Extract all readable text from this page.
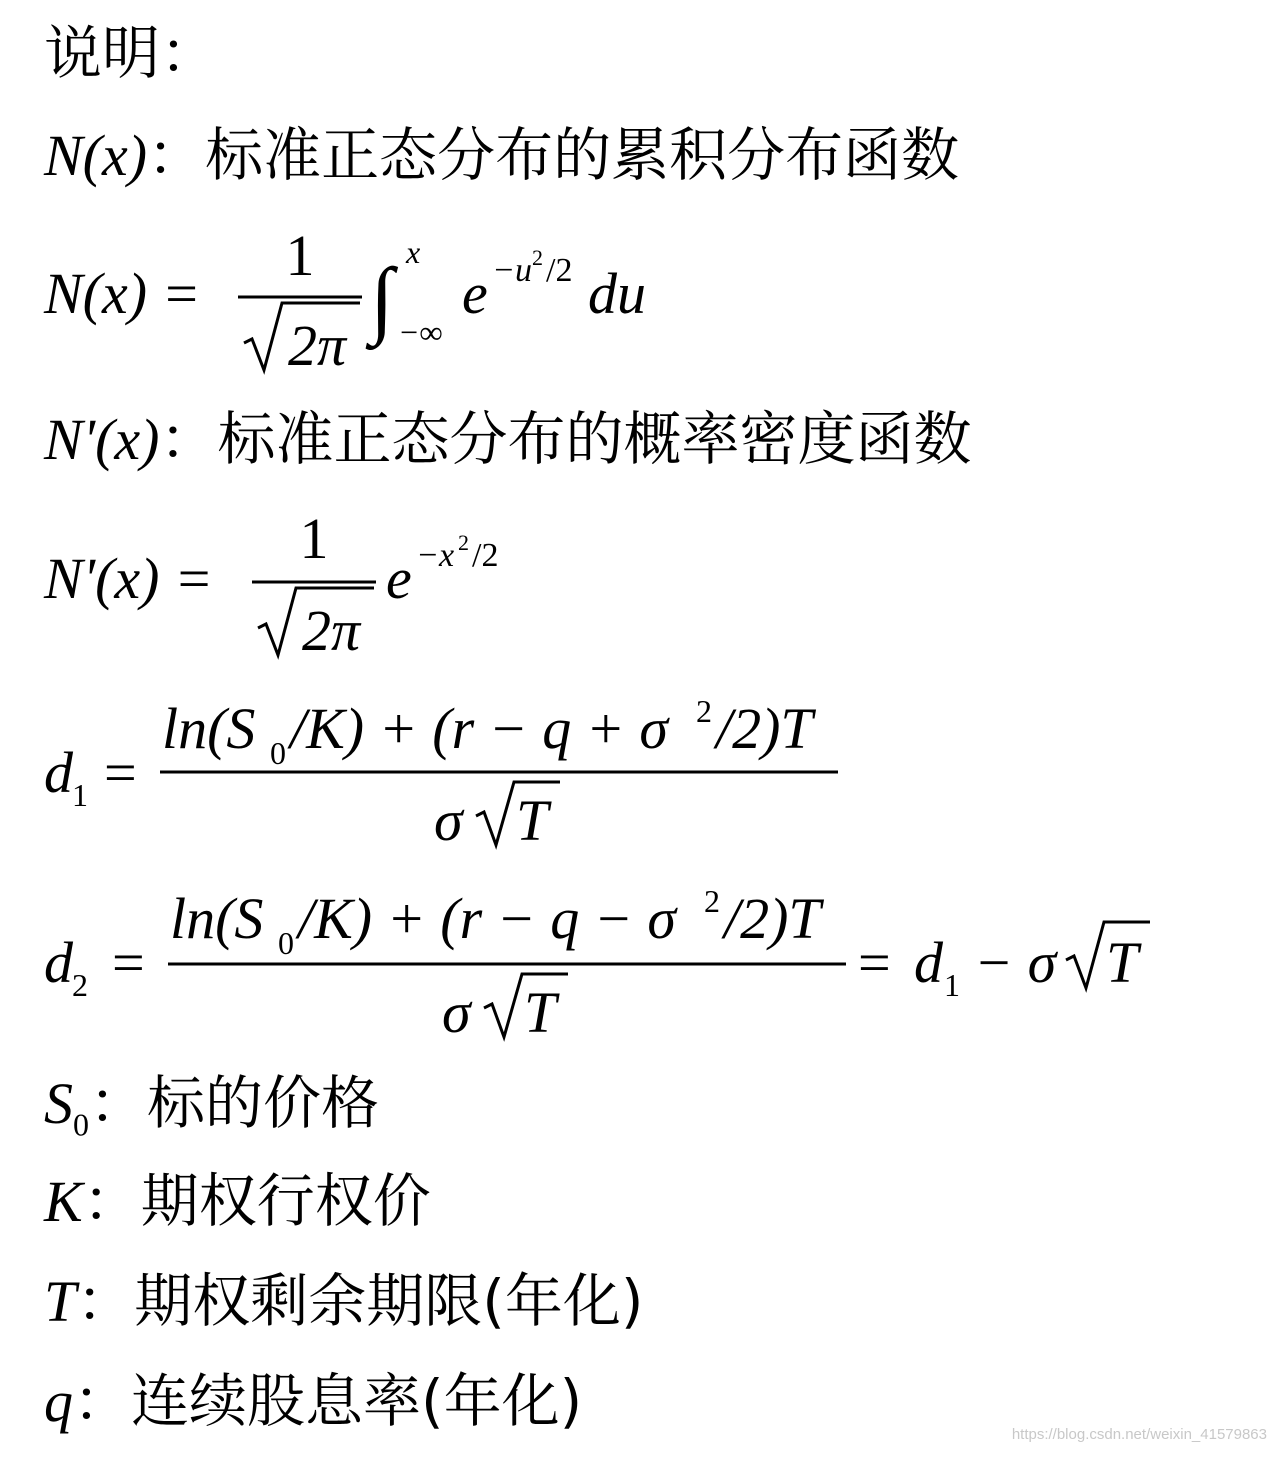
说明：
N(x)：标准正态分布的累积分布函数
N(x) =
1
2π ∫ x
−∞
e −u 2 /2 du
N'(x)：标准正态分布的概率密度函数
N'(x) =
1
2π
e −x 2 /2
d 1 =
ln(S 0 /K) + (r − q + σ 2 /2)T
σ T
d 2 =
ln(S 0 /K) + (r − q − σ 2 /2)T
σ T
= d 1 − σ T
$S_0$：标的价格
K：期权行权价
T：期权剩余期限(年化)
q：连续股息率(年化)	https://blog.csdn.net/weixin_41579863
